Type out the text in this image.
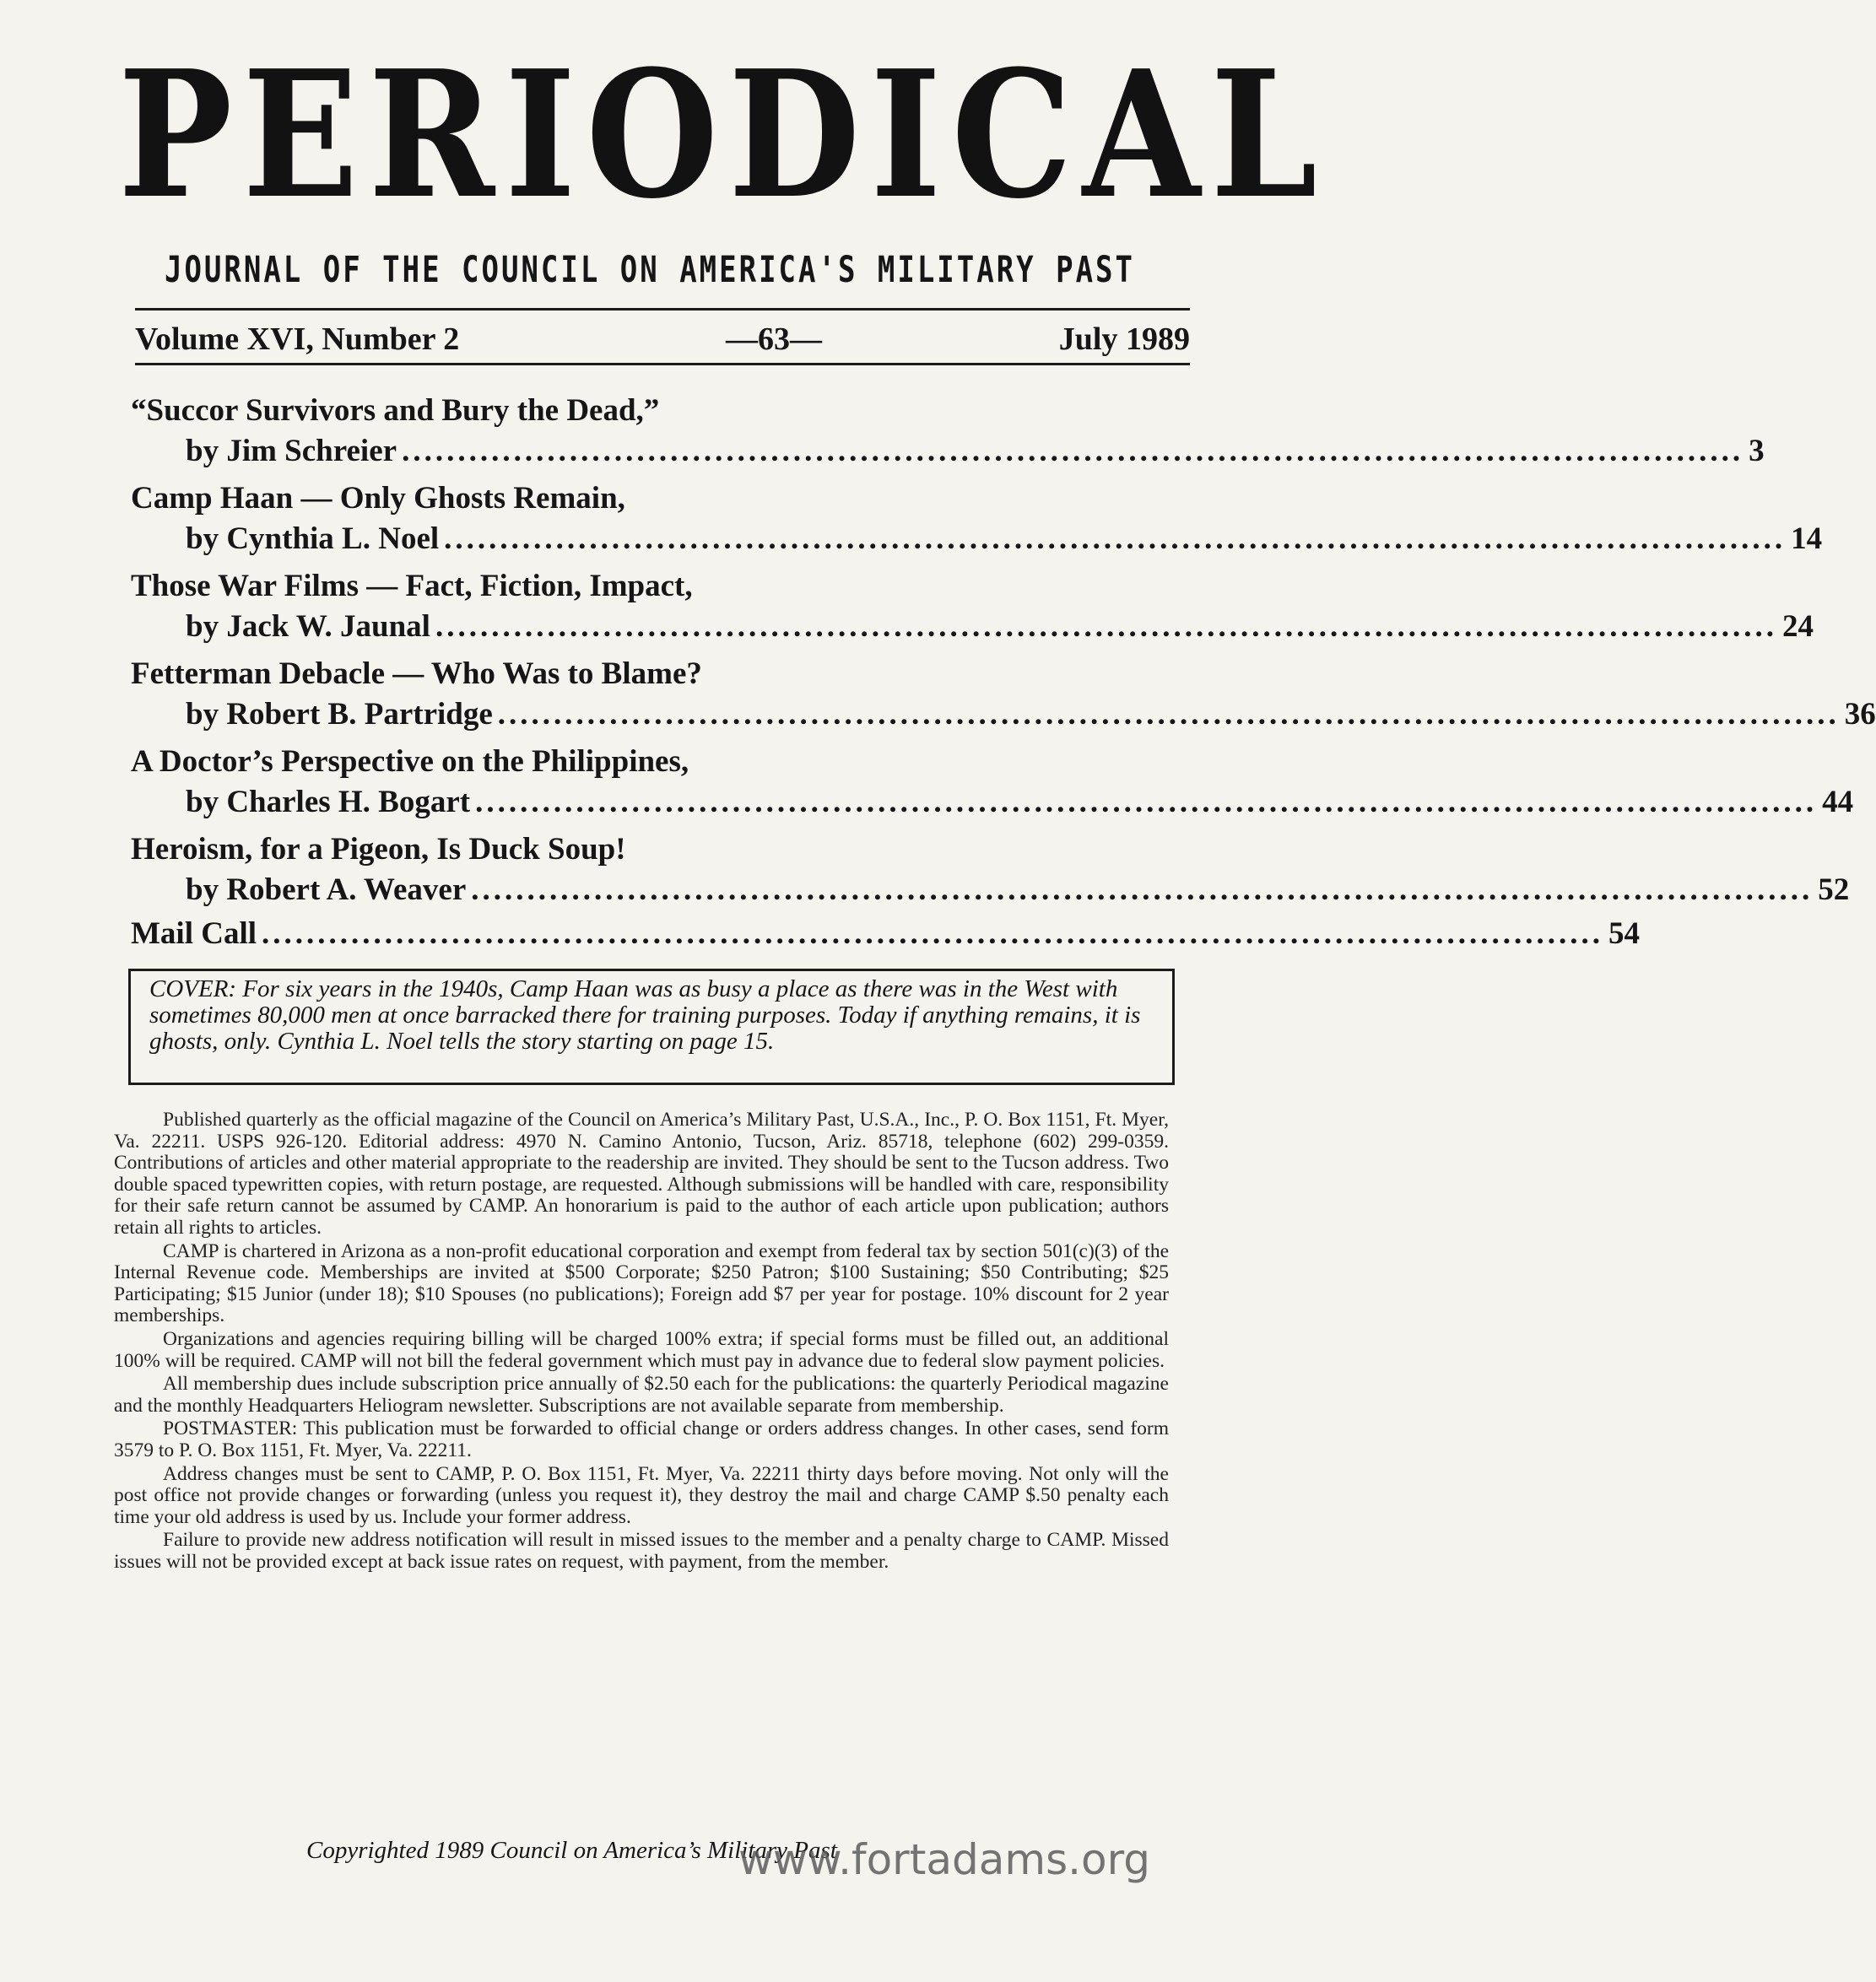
PERIODICAL
JOURNAL OF THE COUNCIL ON AMERICA'S MILITARY PAST
Volume XVI, Number 2	—63—	July 1989
“Succor Survivors and Bury the Dead,”
by Jim Schreier ........................................................................................................................ 3
Camp Haan — Only Ghosts Remain,
by Cynthia L. Noel ........................................................................................................................ 14
Those War Films — Fact, Fiction, Impact,
by Jack W. Jaunal ........................................................................................................................ 24
Fetterman Debacle — Who Was to Blame?
by Robert B. Partridge ........................................................................................................................ 36
A Doctor’s Perspective on the Philippines,
by Charles H. Bogart ........................................................................................................................ 44
Heroism, for a Pigeon, Is Duck Soup!
by Robert A. Weaver ........................................................................................................................ 52
Mail Call ........................................................................................................................ 54
COVER: For six years in the 1940s, Camp Haan was as busy a place as there was in the West with sometimes 80,000 men at once barracked there for training purposes. Today if anything remains, it is ghosts, only. Cynthia L. Noel tells the story starting on page 15.

Published quarterly as the official magazine of the Council on America’s Military Past, U.S.A., Inc., P. O. Box 1151, Ft. Myer, Va. 22211. USPS 926-120. Editorial address: 4970 N. Camino Antonio, Tucson, Ariz. 85718, telephone (602) 299-0359. Contributions of articles and other material appropriate to the readership are invited. They should be sent to the Tucson address. Two double spaced typewritten copies, with return postage, are requested. Although submissions will be handled with care, responsibility for their safe return cannot be assumed by CAMP. An honorarium is paid to the author of each article upon publication; authors retain all rights to articles.

CAMP is chartered in Arizona as a non-profit educational corporation and exempt from federal tax by section 501(c)(3) of the Internal Revenue code. Memberships are invited at $500 Corporate; $250 Patron; $100 Sustaining; $50 Contributing; $25 Participating; $15 Junior (under 18); $10 Spouses (no publications); Foreign add $7 per year for postage. 10% discount for 2 year memberships.

Organizations and agencies requiring billing will be charged 100% extra; if special forms must be filled out, an additional 100% will be required. CAMP will not bill the federal government which must pay in advance due to federal slow payment policies.

All membership dues include subscription price annually of $2.50 each for the publications: the quarterly Periodical magazine and the monthly Headquarters Heliogram newsletter. Subscriptions are not available separate from membership.

POSTMASTER: This publication must be forwarded to official change or orders address changes. In other cases, send form 3579 to P. O. Box 1151, Ft. Myer, Va. 22211.

Address changes must be sent to CAMP, P. O. Box 1151, Ft. Myer, Va. 22211 thirty days before moving. Not only will the post office not provide changes or forwarding (unless you request it), they destroy the mail and charge CAMP $.50 penalty each time your old address is used by us. Include your former address.

Failure to provide new address notification will result in missed issues to the member and a penalty charge to CAMP. Missed issues will not be provided except at back issue rates on request, with payment, from the member.

Copyrighted 1989 Council on America’s Military Past
www.fortadams.org
